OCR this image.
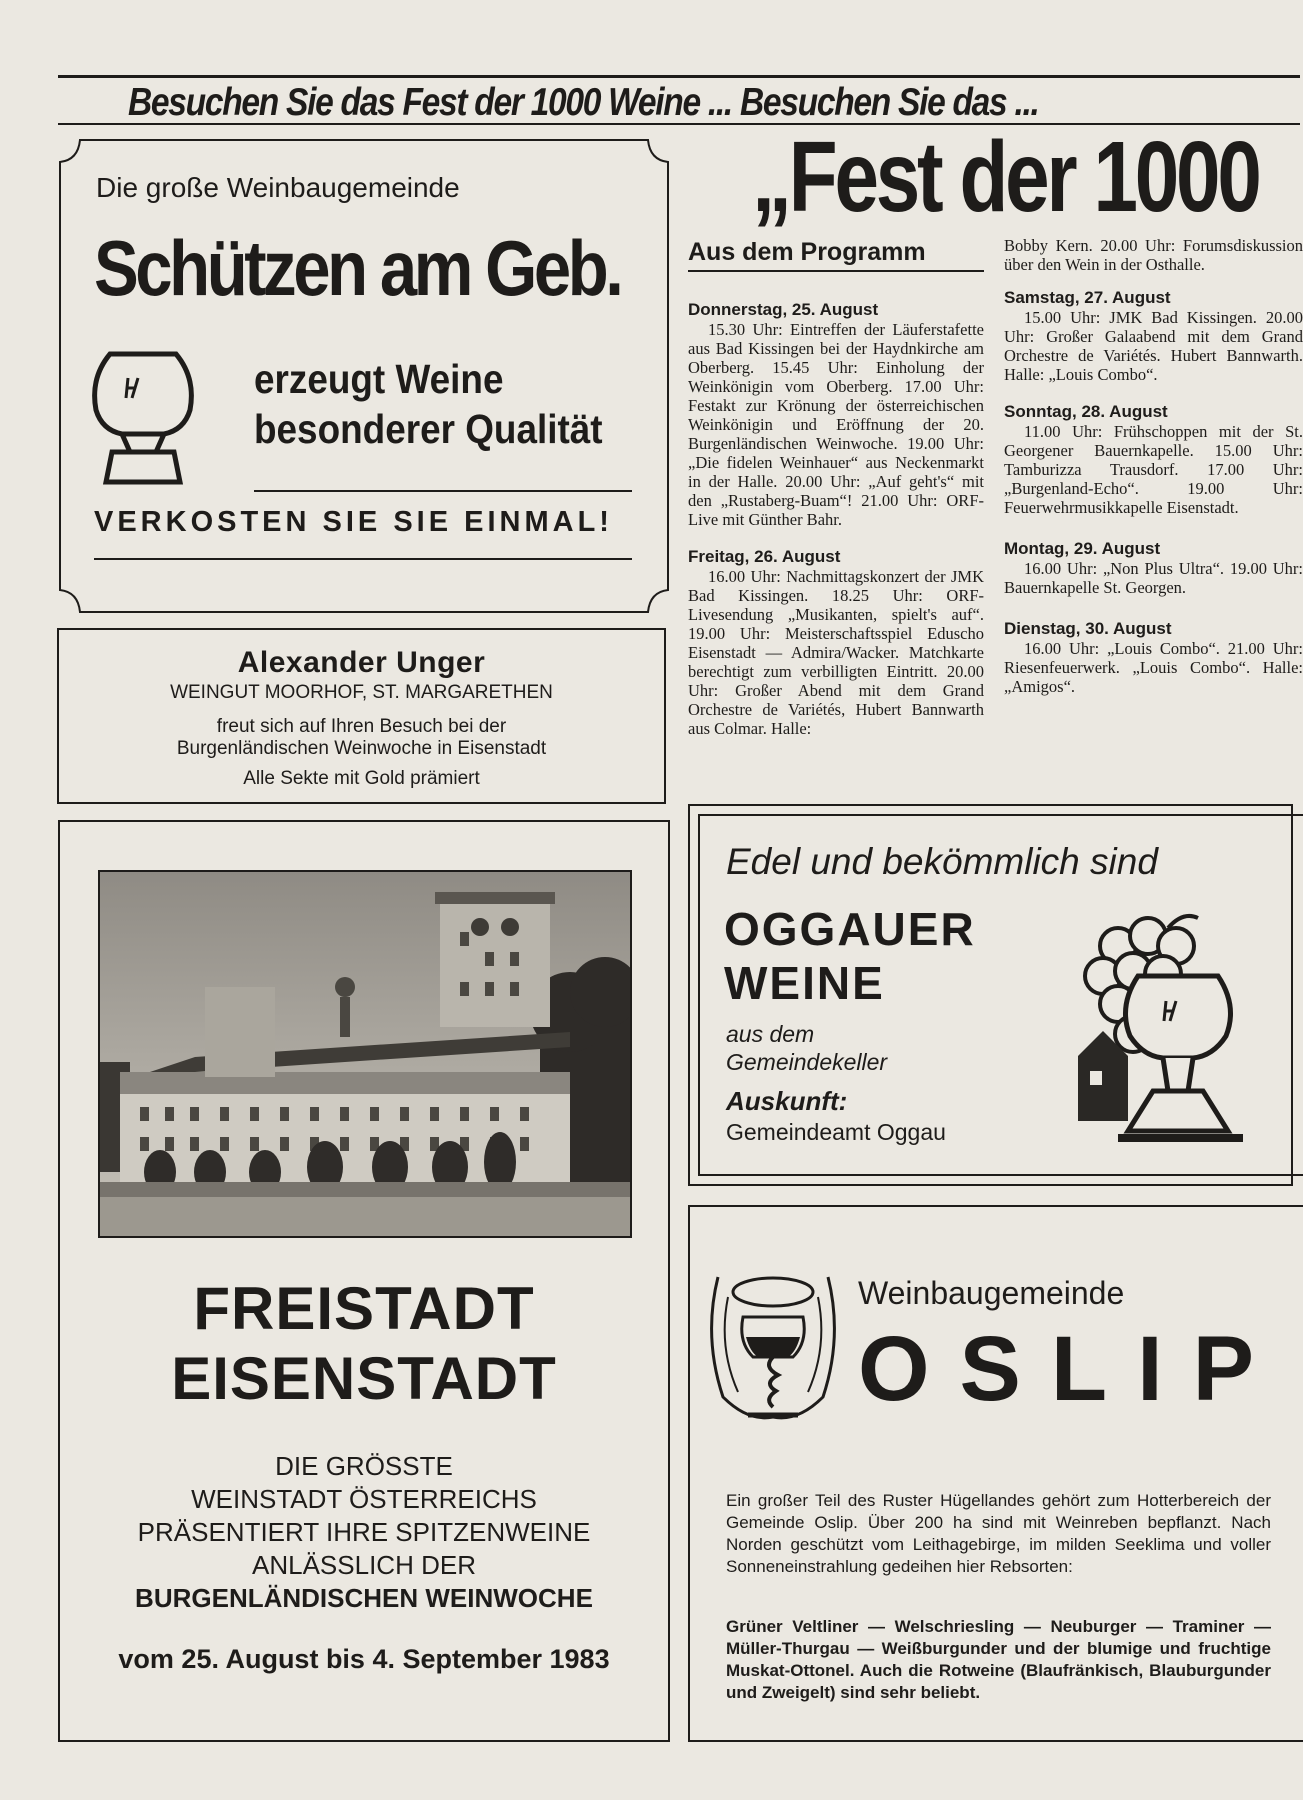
Besuchen Sie das Fest der 1000 Weine ... Besuchen Sie das ...
Die große Weinbaugemeinde
Schützen am Geb.
erzeugt Weine
besonderer Qualität
VERKOSTEN SIE SIE EINMAL!
Alexander Unger
WEINGUT MOORHOF, ST. MARGARETHEN
freut sich auf Ihren Besuch bei der
Burgenländischen Weinwoche in Eisenstadt
Alle Sekte mit Gold prämiert
FREISTADT
EISENSTADT
DIE GRÖSSTE
WEINSTADT ÖSTERREICHS
PRÄSENTIERT IHRE SPITZENWEINE
ANLÄSSLICH DER
BURGENLÄNDISCHEN WEINWOCHE
vom 25. August bis 4. September 1983
„Fest der 1000
Aus dem Programm
Donnerstag, 25. August
15.30 Uhr: Eintreffen der Läuferstafette aus Bad Kissingen bei der Haydnkirche am Oberberg. 15.45 Uhr: Einholung der Weinkönigin vom Oberberg. 17.00 Uhr: Festakt zur Krönung der österreichischen Weinkönigin und Eröffnung der 20. Burgenländischen Weinwoche. 19.00 Uhr: „Die fidelen Weinhauer“ aus Neckenmarkt in der Halle. 20.00 Uhr: „Auf geht's“ mit den „Rustaberg-Buam“! 21.00 Uhr: ORF-Live mit Günther Bahr.
Freitag, 26. August
16.00 Uhr: Nachmittagskonzert der JMK Bad Kissingen. 18.25 Uhr: ORF-Livesendung „Musikanten, spielt's auf“. 19.00 Uhr: Meisterschaftsspiel Eduscho Eisenstadt — Admira/Wacker. Matchkarte berechtigt zum verbilligten Eintritt. 20.00 Uhr: Großer Abend mit dem Grand Orchestre de Variétés, Hubert Bannwarth aus Colmar. Halle:
Bobby Kern. 20.00 Uhr: Forumsdiskussion über den Wein in der Osthalle.
Samstag, 27. August
15.00 Uhr: JMK Bad Kissingen. 20.00 Uhr: Großer Galaabend mit dem Grand Orchestre de Variétés. Hubert Bannwarth. Halle: „Louis Combo“.
Sonntag, 28. August
11.00 Uhr: Frühschoppen mit der St. Georgener Bauernkapelle. 15.00 Uhr: Tamburizza Trausdorf. 17.00 Uhr: „Burgenland-Echo“. 19.00 Uhr: Feuerwehrmusikkapelle Eisenstadt.
Montag, 29. August
16.00 Uhr: „Non Plus Ultra“. 19.00 Uhr: Bauernkapelle St. Georgen.
Dienstag, 30. August
16.00 Uhr: „Louis Combo“. 21.00 Uhr: Riesenfeuerwerk. „Louis Combo“. Halle: „Amigos“.
Edel und bekömmlich sind
OGGAUER
WEINE
aus dem
Gemeindekeller
Auskunft:
Gemeindeamt Oggau
Weinbaugemeinde
OSLIP
Ein großer Teil des Ruster Hügellandes gehört zum Hotterbereich der Gemeinde Oslip. Über 200 ha sind mit Weinreben bepflanzt. Nach Norden geschützt vom Leithagebirge, im milden Seeklima und voller Sonneneinstrahlung gedeihen hier Rebsorten:
Grüner Veltliner — Welschriesling — Neuburger — Traminer — Müller-Thurgau — Weißburgunder und der blumige und fruchtige Muskat-Ottonel. Auch die Rotweine (Blaufränkisch, Blauburgunder und Zweigelt) sind sehr beliebt.
